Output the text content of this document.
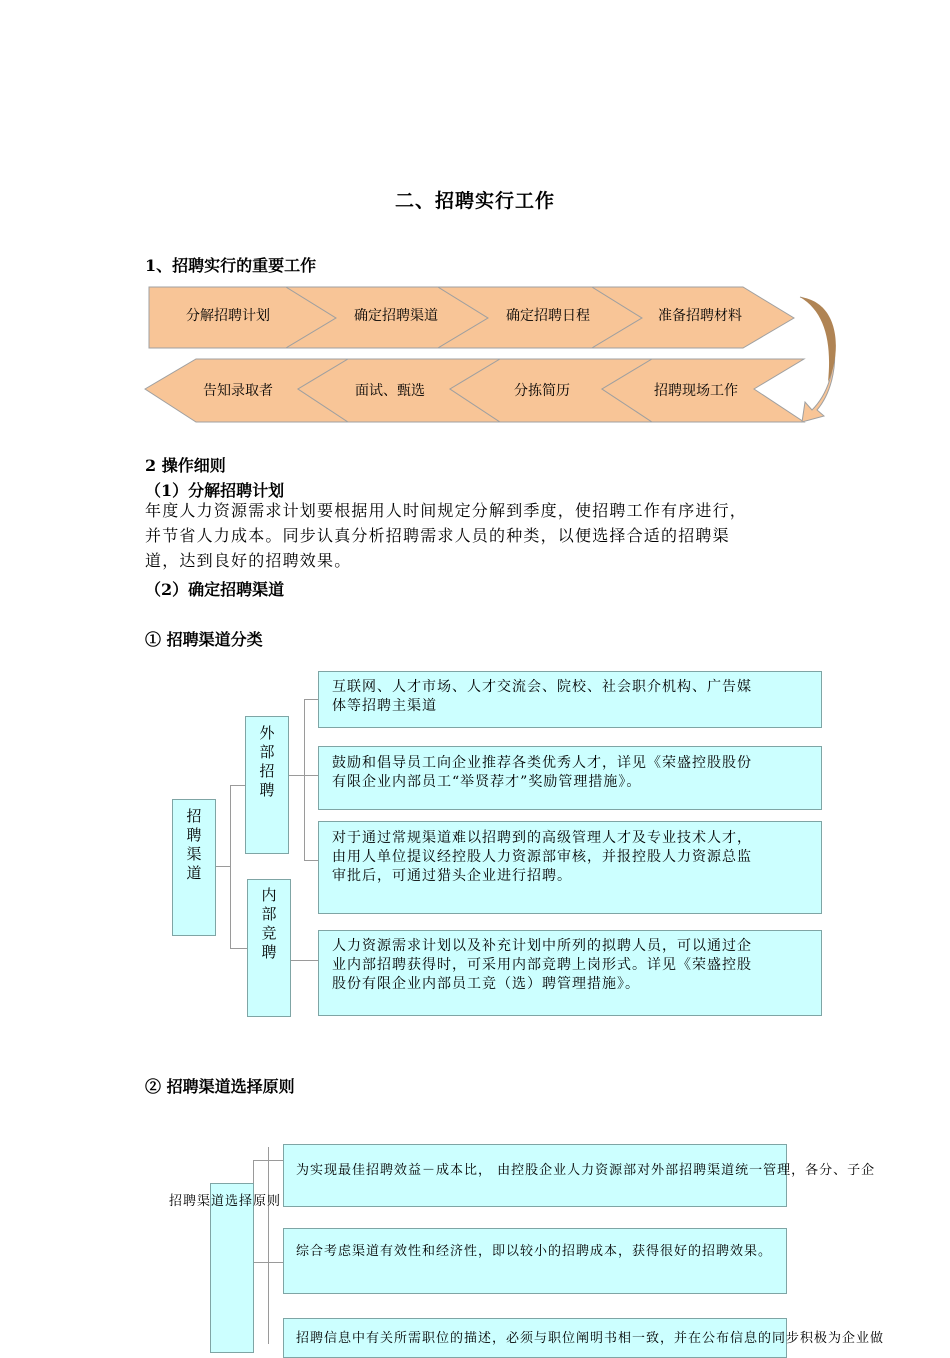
二、招聘实行工作
1、招聘实行的重要工作
分解招聘计划	确定招聘渠道	确定招聘日程	准备招聘材料
告知录取者	面试、甄选	分拣简历	招聘现场工作
2 操作细则
（1）分解招聘计划
年度人力资源需求计划要根据用人时间规定分解到季度，使招聘工作有序进行，
并节省人力成本。同步认真分析招聘需求人员的种类，以便选择合适的招聘渠
道，达到良好的招聘效果。
（2）确定招聘渠道
① 招聘渠道分类
招
聘
渠
道
外
部
招
聘
内
部
竞
聘
互联网、人才市场、人才交流会、院校、社会职介机构、广告媒
体等招聘主渠道
鼓励和倡导员工向企业推荐各类优秀人才，详见《荣盛控股股份
有限企业内部员工“举贤荐才”奖励管理措施》。
对于通过常规渠道难以招聘到的高级管理人才及专业技术人才，
由用人单位提议经控股人力资源部审核，并报控股人力资源总监
审批后，可通过猎头企业进行招聘。
人力资源需求计划以及补充计划中所列的拟聘人员，可以通过企
业内部招聘获得时，可采用内部竞聘上岗形式。详见《荣盛控股
股份有限企业内部员工竞（选）聘管理措施》。
② 招聘渠道选择原则
招聘渠道选择原则
为实现最佳招聘效益－成本比， 由控股企业人力资源部对外部招聘渠道统一管理，各分、子企
综合考虑渠道有效性和经济性，即以较小的招聘成本，获得很好的招聘效果。
招聘信息中有关所需职位的描述，必须与职位阐明书相一致，并在公布信息的同步积极为企业做
